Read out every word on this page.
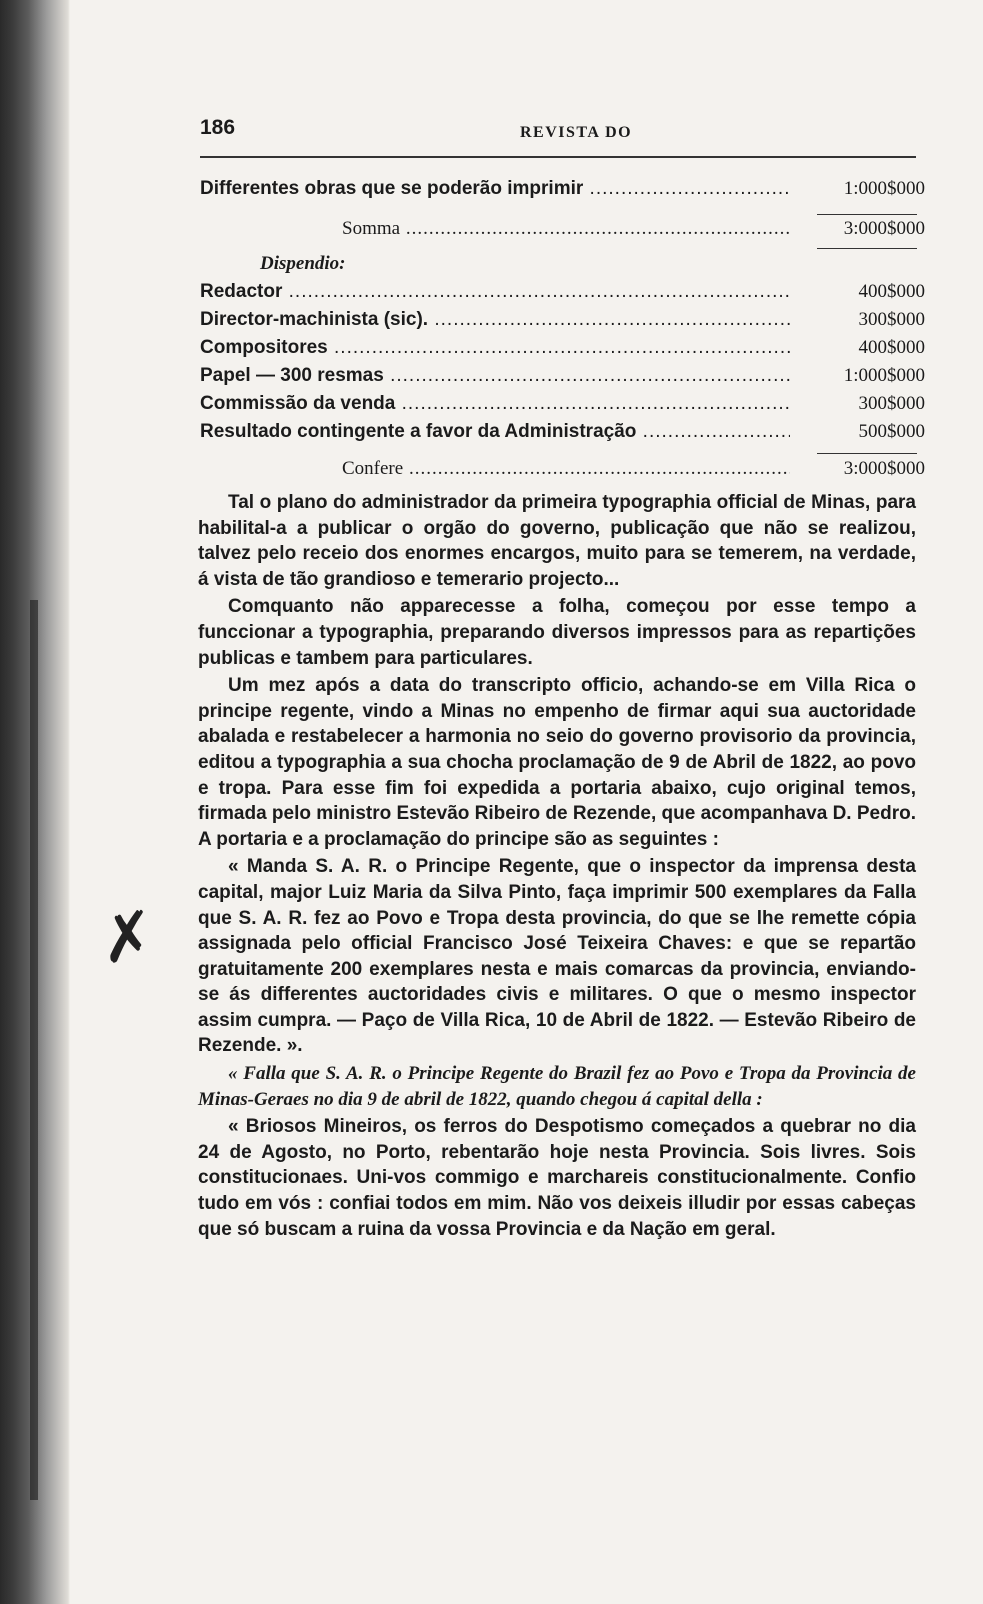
186	REVISTA DO
Differentes obras que se poderão imprimir .....	1:000$000
Somma .....	3:000$000
Dispendio:
Redactor .....	400$000
Director-machinista (sic). .....	300$000
Compositores .....	400$000
Papel — 300 resmas .....	1:000$000
Commissão da venda .....	300$000
Resultado contingente a favor da Administração .....	500$000
Confere .....	3:000$000

Tal o plano do administrador da primeira typographia official de Minas, para habilital-a a publicar o orgão do governo, publicação que não se realizou, talvez pelo receio dos enormes encargos, muito para se temerem, na verdade, á vista de tão grandioso e temerario projecto...

Comquanto não apparecesse a folha, começou por esse tempo a funccionar a typographia, preparando diversos impressos para as repartições publicas e tambem para particulares.

Um mez após a data do transcripto officio, achando-se em Villa Rica o principe regente, vindo a Minas no empenho de firmar aqui sua auctoridade abalada e restabelecer a harmonia no seio do governo provisorio da provincia, editou a typographia a sua chocha proclamação de 9 de Abril de 1822, ao povo e tropa. Para esse fim foi expedida a portaria abaixo, cujo original temos, firmada pelo ministro Estevão Ribeiro de Rezende, que acompanhava D. Pedro. A portaria e a proclamação do principe são as seguintes :

« Manda S. A. R. o Principe Regente, que o inspector da imprensa desta capital, major Luiz Maria da Silva Pinto, faça imprimir 500 exemplares da Falla que S. A. R. fez ao Povo e Tropa desta provincia, do que se lhe remette cópia assignada pelo official Francisco José Teixeira Chaves: e que se repartão gratuitamente 200 exemplares nesta e mais comarcas da provincia, enviando-se ás differentes auctoridades civis e militares. O que o mesmo inspector assim cumpra. — Paço de Villa Rica, 10 de Abril de 1822. — Estevão Ribeiro de Rezende. ».

« Falla que S. A. R. o Principe Regente do Brazil fez ao Povo e Tropa da Provincia de Minas-Geraes no dia 9 de abril de 1822, quando chegou á capital della :

« Briosos Mineiros, os ferros do Despotismo começados a quebrar no dia 24 de Agosto, no Porto, rebentarão hoje nesta Provincia. Sois livres. Sois constitucionaes. Uni-vos commigo e marchareis constitucionalmente. Confio tudo em vós : confiai todos em mim. Não vos deixeis illudir por essas cabeças que só buscam a ruina da vossa Provincia e da Nação em geral.

✗
